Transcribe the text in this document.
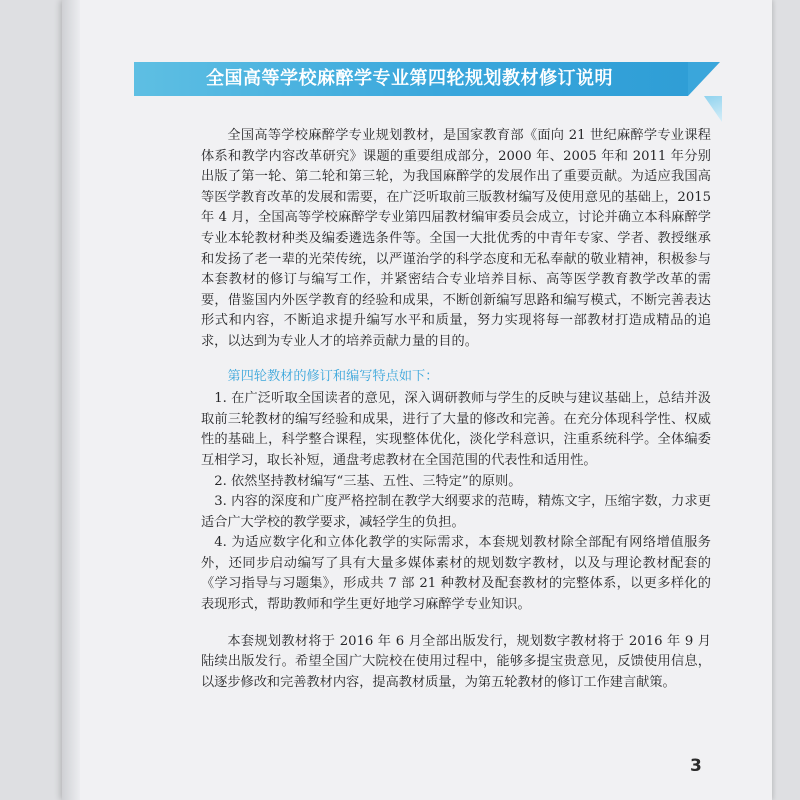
全国高等学校麻醉学专业第四轮规划教材修订说明

全国高等学校麻醉学专业规划教材，是国家教育部《面向 21 世纪麻醉学专业课程体系和教学内容改革研究》课题的重要组成部分，2000 年、2005 年和 2011 年分别出版了第一轮、第二轮和第三轮，为我国麻醉学的发展作出了重要贡献。为适应我国高等医学教育改革的发展和需要，在广泛听取前三版教材编写及使用意见的基础上，2015 年 4 月，全国高等学校麻醉学专业第四届教材编审委员会成立，讨论并确立本科麻醉学专业本轮教材种类及编委遴选条件等。全国一大批优秀的中青年专家、学者、教授继承和发扬了老一辈的光荣传统，以严谨治学的科学态度和无私奉献的敬业精神，积极参与本套教材的修订与编写工作，并紧密结合专业培养目标、高等医学教育教学改革的需要，借鉴国内外医学教育的经验和成果，不断创新编写思路和编写模式，不断完善表达形式和内容，不断追求提升编写水平和质量，努力实现将每一部教材打造成精品的追求，以达到为专业人才的培养贡献力量的目的。

第四轮教材的修订和编写特点如下：

1. 在广泛听取全国读者的意见，深入调研教师与学生的反映与建议基础上，总结并汲取前三轮教材的编写经验和成果，进行了大量的修改和完善。在充分体现科学性、权威性的基础上，科学整合课程，实现整体优化，淡化学科意识，注重系统科学。全体编委互相学习，取长补短，通盘考虑教材在全国范围的代表性和适用性。

2. 依然坚持教材编写“三基、五性、三特定”的原则。

3. 内容的深度和广度严格控制在教学大纲要求的范畴，精炼文字，压缩字数，力求更适合广大学校的教学要求，减轻学生的负担。

4. 为适应数字化和立体化教学的实际需求，本套规划教材除全部配有网络增值服务外，还同步启动编写了具有大量多媒体素材的规划数字教材，以及与理论教材配套的《学习指导与习题集》，形成共 7 部 21 种教材及配套教材的完整体系，以更多样化的表现形式，帮助教师和学生更好地学习麻醉学专业知识。

本套规划教材将于 2016 年 6 月全部出版发行，规划数字教材将于 2016 年 9 月陆续出版发行。希望全国广大院校在使用过程中，能够多提宝贵意见，反馈使用信息，以逐步修改和完善教材内容，提高教材质量，为第五轮教材的修订工作建言献策。

3
